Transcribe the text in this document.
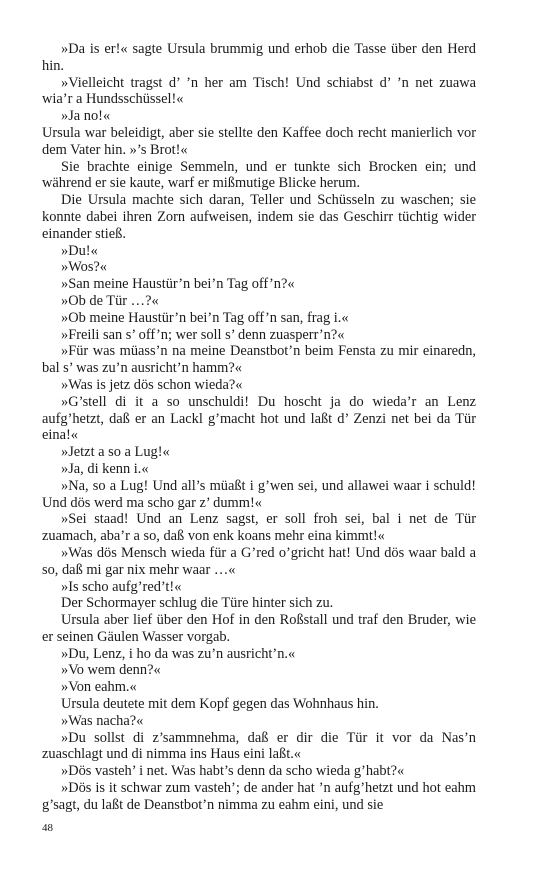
»Da is er!« sagte Ursula brummig und erhob die Tasse über den Herd hin.

»Vielleicht tragst d’ ’n her am Tisch! Und schiabst d’ ’n net zuawa wia’r a Hundsschüssel!«

»Ja no!«

Ursula war beleidigt, aber sie stellte den Kaffee doch recht manierlich vor dem Vater hin. »’s Brot!«

Sie brachte einige Semmeln, und er tunkte sich Brocken ein; und während er sie kaute, warf er mißmutige Blicke herum.

Die Ursula machte sich daran, Teller und Schüsseln zu waschen; sie konnte dabei ihren Zorn aufweisen, indem sie das Geschirr tüchtig wider einander stieß.

»Du!«

»Wos?«

»San meine Haustür’n bei’n Tag off’n?«

»Ob de Tür …?«

»Ob meine Haustür’n bei’n Tag off’n san, frag i.«

»Freili san s’ off’n; wer soll s’ denn zuasperr’n?«

»Für was müass’n na meine Deanstbot’n beim Fensta zu mir einaredn, bal s’ was zu’n ausricht’n hamm?«

»Was is jetz dös schon wieda?«

»G’stell di it a so unschuldi! Du hoscht ja do wieda’r an Lenz aufg’hetzt, daß er an Lackl g’macht hot und laßt d’ Zenzi net bei da Tür eina!«

»Jetzt a so a Lug!«

»Ja, di kenn i.«

»Na, so a Lug! Und all’s müaßt i g’wen sei, und allawei waar i schuld! Und dös werd ma scho gar z’ dumm!«

»Sei staad! Und an Lenz sagst, er soll froh sei, bal i net de Tür zuamach, aba’r a so, daß von enk koans mehr eina kimmt!«

»Was dös Mensch wieda für a G’red o’gricht hat! Und dös waar bald a so, daß mi gar nix mehr waar …«

»Is scho aufg’red’t!«

Der Schormayer schlug die Türe hinter sich zu.

Ursula aber lief über den Hof in den Roßstall und traf den Bruder, wie er seinen Gäulen Wasser vorgab.

»Du, Lenz, i ho da was zu’n ausricht’n.«

»Vo wem denn?«

»Von eahm.«

Ursula deutete mit dem Kopf gegen das Wohnhaus hin.

»Was nacha?«

»Du sollst di z’sammnehma, daß er dir die Tür it vor da Nas’n zuaschlagt und di nimma ins Haus eini laßt.«

»Dös vasteh’ i net. Was habt’s denn da scho wieda g’habt?«

»Dös is it schwar zum vasteh’; de ander hat ’n aufg’hetzt und hot eahm g’sagt, du laßt de Deanstbot’n nimma zu eahm eini, und sie

48
